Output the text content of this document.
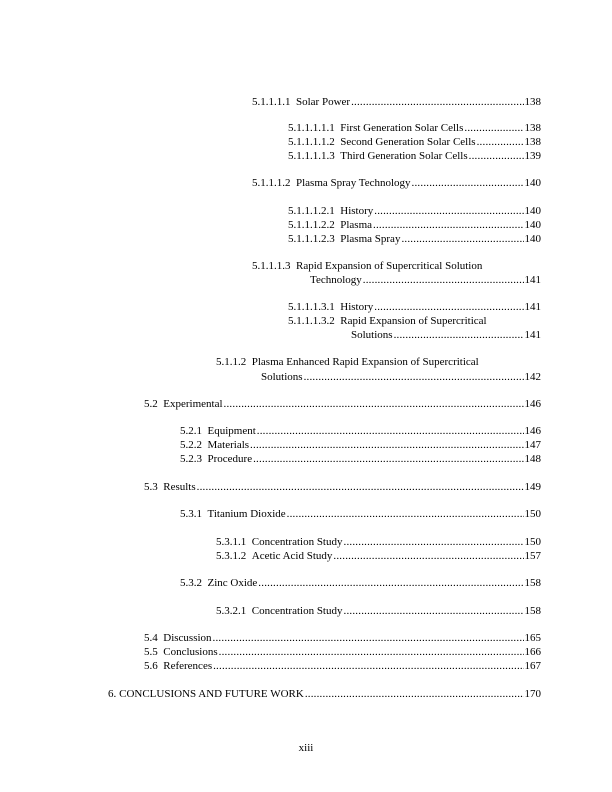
5.1.1.1.1 Solar Power .....	138
5.1.1.1.1.1 First Generation Solar Cells .....	138
5.1.1.1.1.2 Second Generation Solar Cells .....	138
5.1.1.1.1.3 Third Generation Solar Cells .....	139
5.1.1.1.2 Plasma Spray Technology .....	140
5.1.1.1.2.1 History .....	140
5.1.1.1.2.2 Plasma .....	140
5.1.1.1.2.3 Plasma Spray .....	140
5.1.1.1.3  Rapid Expansion of Supercritical Solution
Technology .....	141
5.1.1.1.3.1 History .....	141
5.1.1.1.3.2  Rapid Expansion of Supercritical
Solutions .....	141
5.1.1.2  Plasma Enhanced Rapid Expansion of Supercritical
Solutions .....	142
5.2 Experimental .....	146
5.2.1 Equipment .....	146
5.2.2 Materials .....	147
5.2.3 Procedure .....	148
5.3 Results .....	149
5.3.1 Titanium Dioxide .....	150
5.3.1.1 Concentration Study .....	150
5.3.1.2 Acetic Acid Study .....	157
5.3.2 Zinc Oxide .....	158
5.3.2.1 Concentration Study .....	158
5.4 Discussion .....	165
5.5 Conclusions .....	166
5.6 References .....	167
6. CONCLUSIONS AND FUTURE WORK .....	170
xiii
